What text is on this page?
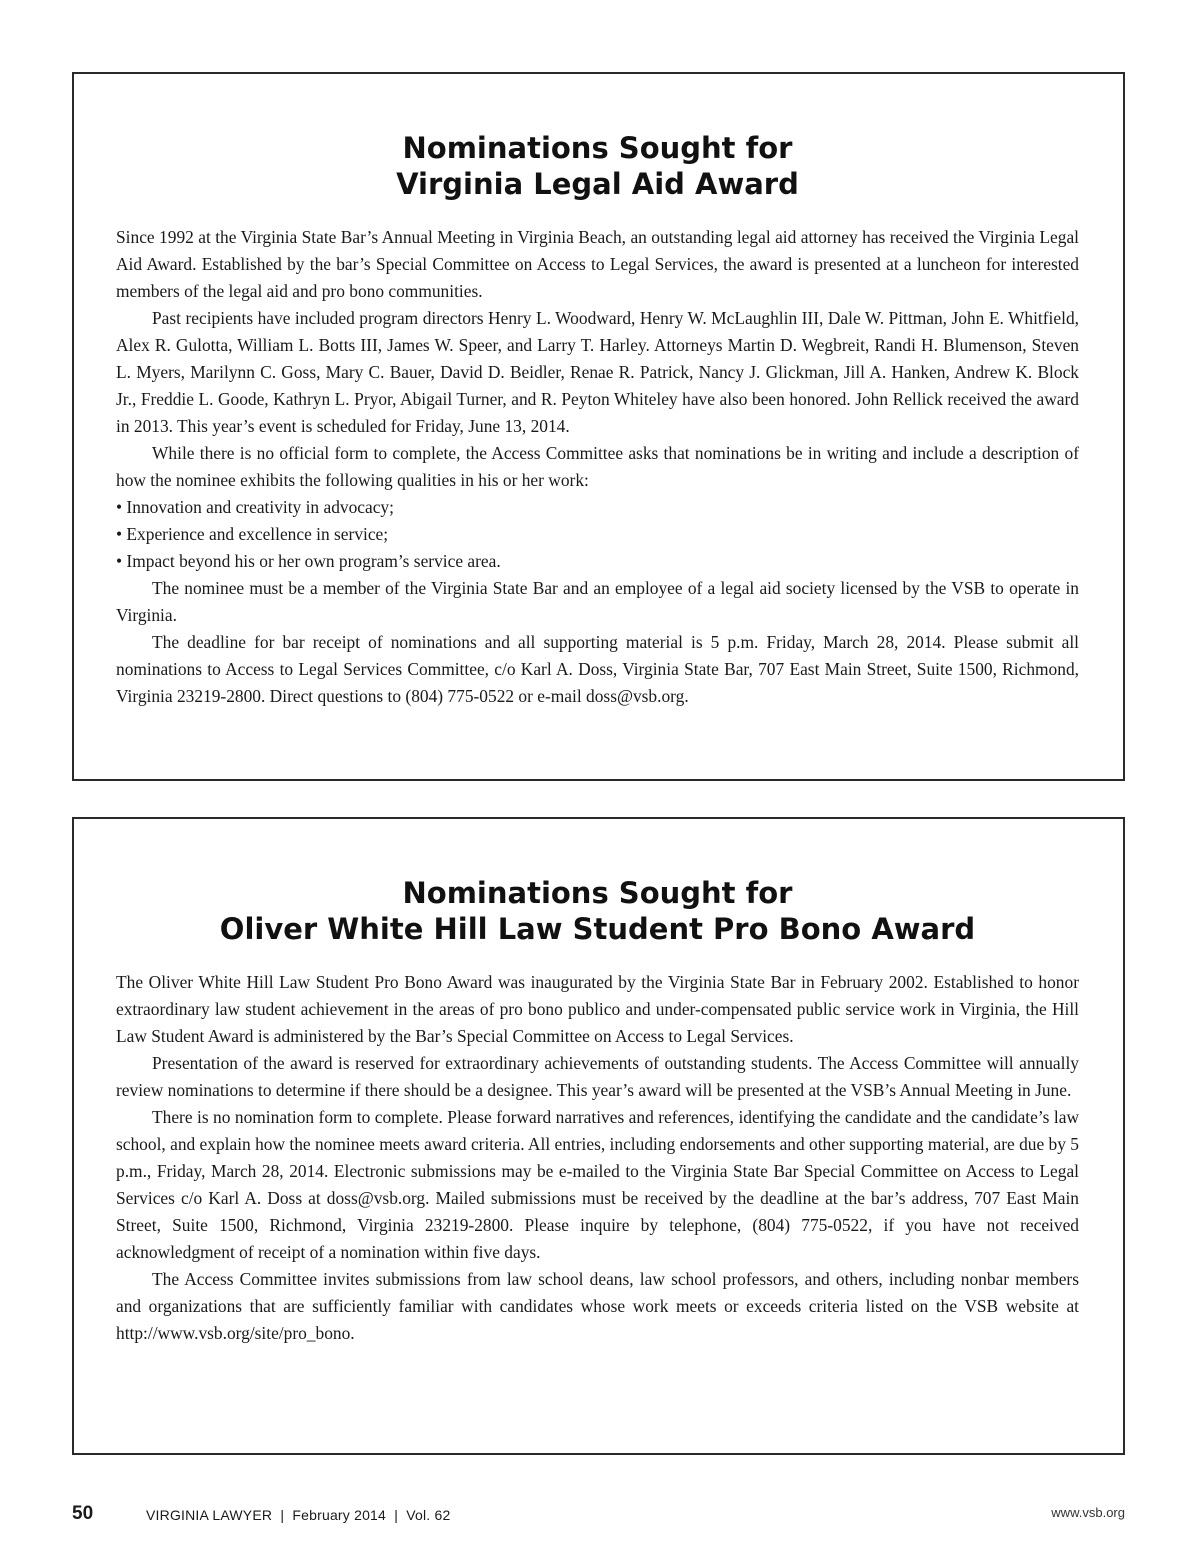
Nominations Sought for
Virginia Legal Aid Award

Since 1992 at the Virginia State Bar’s Annual Meeting in Virginia Beach, an outstanding legal aid attorney has received the Virginia Legal Aid Award. Established by the bar’s Special Committee on Access to Legal Services, the award is presented at a luncheon for interested members of the legal aid and pro bono communities.

Past recipients have included program directors Henry L. Woodward, Henry W. McLaughlin III, Dale W. Pittman, John E. Whitfield, Alex R. Gulotta, William L. Botts III, James W. Speer, and Larry T. Harley. Attorneys Martin D. Wegbreit, Randi H. Blumenson, Steven L. Myers, Marilynn C. Goss, Mary C. Bauer, David D. Beidler, Renae R. Patrick, Nancy J. Glickman, Jill A. Hanken, Andrew K. Block Jr., Freddie L. Goode, Kathryn L. Pryor, Abigail Turner, and R. Peyton Whiteley have also been honored. John Rellick received the award in 2013. This year’s event is scheduled for Friday, June 13, 2014.

While there is no official form to complete, the Access Committee asks that nominations be in writing and include a description of how the nominee exhibits the following qualities in his or her work:

• Innovation and creativity in advocacy;

• Experience and excellence in service;

• Impact beyond his or her own program’s service area.

The nominee must be a member of the Virginia State Bar and an employee of a legal aid society licensed by the VSB to operate in Virginia.

The deadline for bar receipt of nominations and all supporting material is 5 p.m. Friday, March 28, 2014. Please submit all nominations to Access to Legal Services Committee, c/o Karl A. Doss, Virginia State Bar, 707 East Main Street, Suite 1500, Richmond, Virginia 23219-2800. Direct questions to (804) 775-0522 or e-mail doss@vsb.org.

Nominations Sought for
Oliver White Hill Law Student Pro Bono Award

The Oliver White Hill Law Student Pro Bono Award was inaugurated by the Virginia State Bar in February 2002. Established to honor extraordinary law student achievement in the areas of pro bono publico and under-compensated public service work in Virginia, the Hill Law Student Award is administered by the Bar’s Special Committee on Access to Legal Services.

Presentation of the award is reserved for extraordinary achievements of outstanding students. The Access Committee will annually review nominations to determine if there should be a designee. This year’s award will be presented at the VSB’s Annual Meeting in June.

There is no nomination form to complete. Please forward narratives and references, identifying the candidate and the candidate’s law school, and explain how the nominee meets award criteria. All entries, including endorsements and other supporting material, are due by 5 p.m., Friday, March 28, 2014. Electronic submissions may be e-mailed to the Virginia State Bar Special Committee on Access to Legal Services c/o Karl A. Doss at doss@vsb.org. Mailed submissions must be received by the deadline at the bar’s address, 707 East Main Street, Suite 1500, Richmond, Virginia 23219-2800. Please inquire by telephone, (804) 775-0522, if you have not received acknowledgment of receipt of a nomination within five days.

The Access Committee invites submissions from law school deans, law school professors, and others, including nonbar members and organizations that are sufficiently familiar with candidates whose work meets or exceeds criteria listed on the VSB website at http://www.vsb.org/site/pro_bono.

50	VIRGINIA LAWYER  |  February 2014  |  Vol. 62	www.vsb.org
